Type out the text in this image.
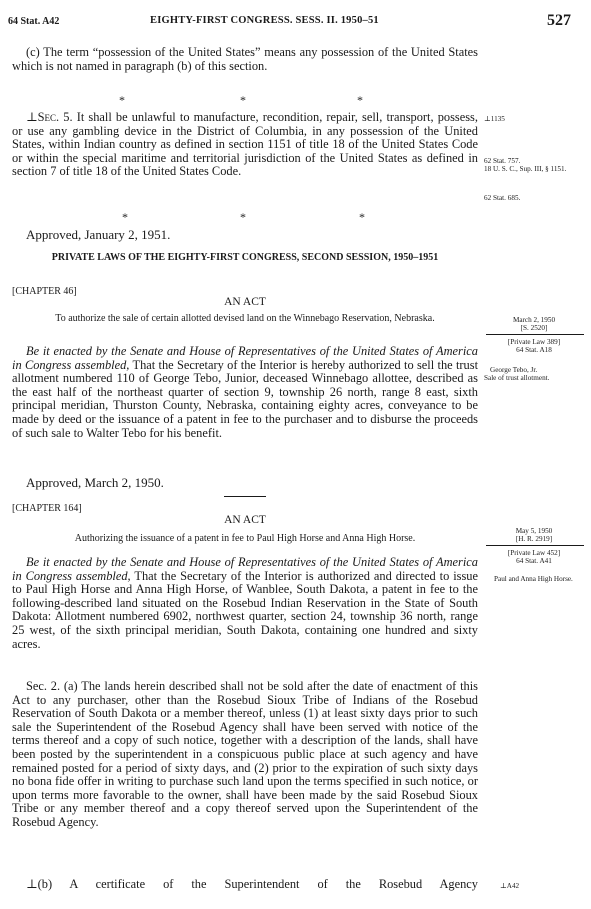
64 Stat. A42	EIGHTY-FIRST CONGRESS. SESS. II. 1950–51	527
(c) The term “possession of the United States” means any possession of the United States which is not named in paragraph (b) of this section.
*	*	*
⊥Sec. 5. It shall be unlawful to manufacture, recondition, repair, sell, transport, possess, or use any gambling device in the District of Columbia, in any possession of the United States, within Indian country as defined in section 1151 of title 18 of the United States Code or within the special maritime and territorial jurisdiction of the United States as defined in section 7 of title 18 of the United States Code.
*	*	*
Approved, January 2, 1951.
PRIVATE LAWS OF THE EIGHTY-FIRST CONGRESS, SECOND SESSION, 1950–1951
[CHAPTER 46]
AN ACT
To authorize the sale of certain allotted devised land on the Winnebago Reservation, Nebraska.
Be it enacted by the Senate and House of Representatives of the United States of America in Congress assembled, That the Secretary of the Interior is hereby authorized to sell the trust allotment numbered 110 of George Tebo, Junior, deceased Winnebago allottee, described as the east half of the northeast quarter of section 9, township 26 north, range 8 east, sixth principal meridian, Thurston County, Nebraska, containing eighty acres, conveyance to be made by deed or the issuance of a patent in fee to the purchaser and to disburse the proceeds of such sale to Walter Tebo for his benefit.
Approved, March 2, 1950.
[CHAPTER 164]
AN ACT
Authorizing the issuance of a patent in fee to Paul High Horse and Anna High Horse.
Be it enacted by the Senate and House of Representatives of the United States of America in Congress assembled, That the Secretary of the Interior is authorized and directed to issue to Paul High Horse and Anna High Horse, of Wanblee, South Dakota, a patent in fee to the following-described land situated on the Rosebud Indian Reservation in the State of South Dakota: Allotment numbered 6902, northwest quarter, section 24, township 36 north, range 25 west, of the sixth principal meridian, South Dakota, containing one hundred and sixty acres.
Sec. 2. (a) The lands herein described shall not be sold after the date of enactment of this Act to any purchaser, other than the Rosebud Sioux Tribe of Indians of the Rosebud Reservation of South Dakota or a member thereof, unless (1) at least sixty days prior to such sale the Superintendent of the Rosebud Agency shall have been served with notice of the terms thereof and a copy of such notice, together with a description of the lands, shall have been posted by the superintendent in a conspicuous public place at such agency and have remained posted for a period of sixty days, and (2) prior to the expiration of such sixty days no bona fide offer in writing to purchase such land upon the terms specified in such notice, or upon terms more favorable to the owner, shall have been made by the said Rosebud Sioux Tribe or any member thereof and a copy thereof served upon the Superintendent of the Rosebud Agency.
⊥(b) A certificate of the Superintendent of the Rosebud Agency
⊥1135
62 Stat. 757.
18 U. S. C., Sup. III, § 1151.
62 Stat. 685.
March 2, 1950
[S. 2520]
[Private Law 389]
64 Stat. A18
George Tebo, Jr.
Sale of trust allotment.
May 5, 1950
[H. R. 2919]
[Private Law 452]
64 Stat. A41
Paul and Anna High Horse.
⊥A42
